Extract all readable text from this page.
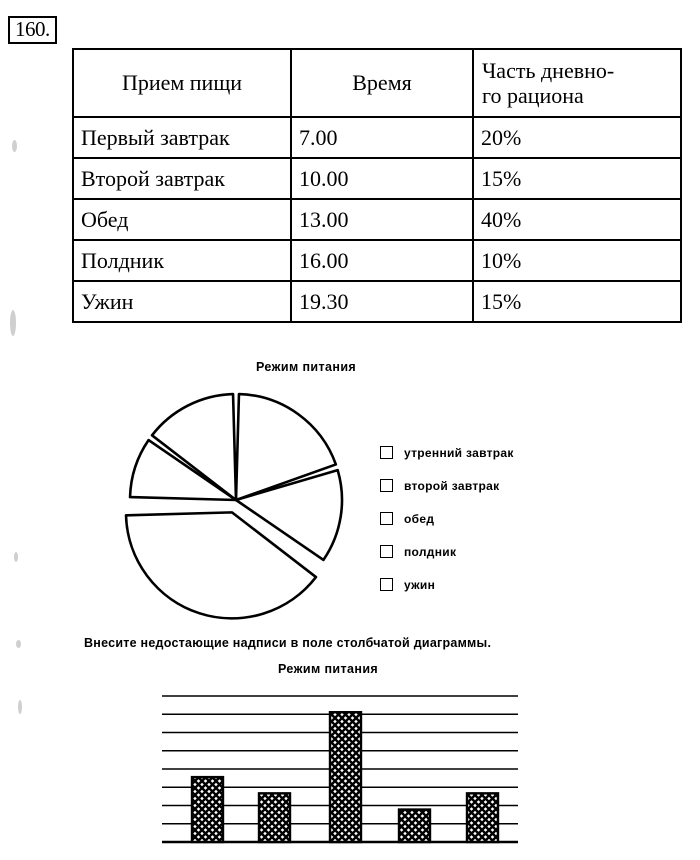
160.
Прием пищи	Время	Часть дневно-
го рациона

Первый завтрак	7.00	20%
Второй завтрак	10.00	15%
Обед	13.00	40%
Полдник	16.00	10%
Ужин	19.30	15%
Режим питания
утренний завтрак
второй завтрак
обед
полдник
ужин
Внесите недостающие надписи в поле столбчатой диаграммы.
Режим питания
